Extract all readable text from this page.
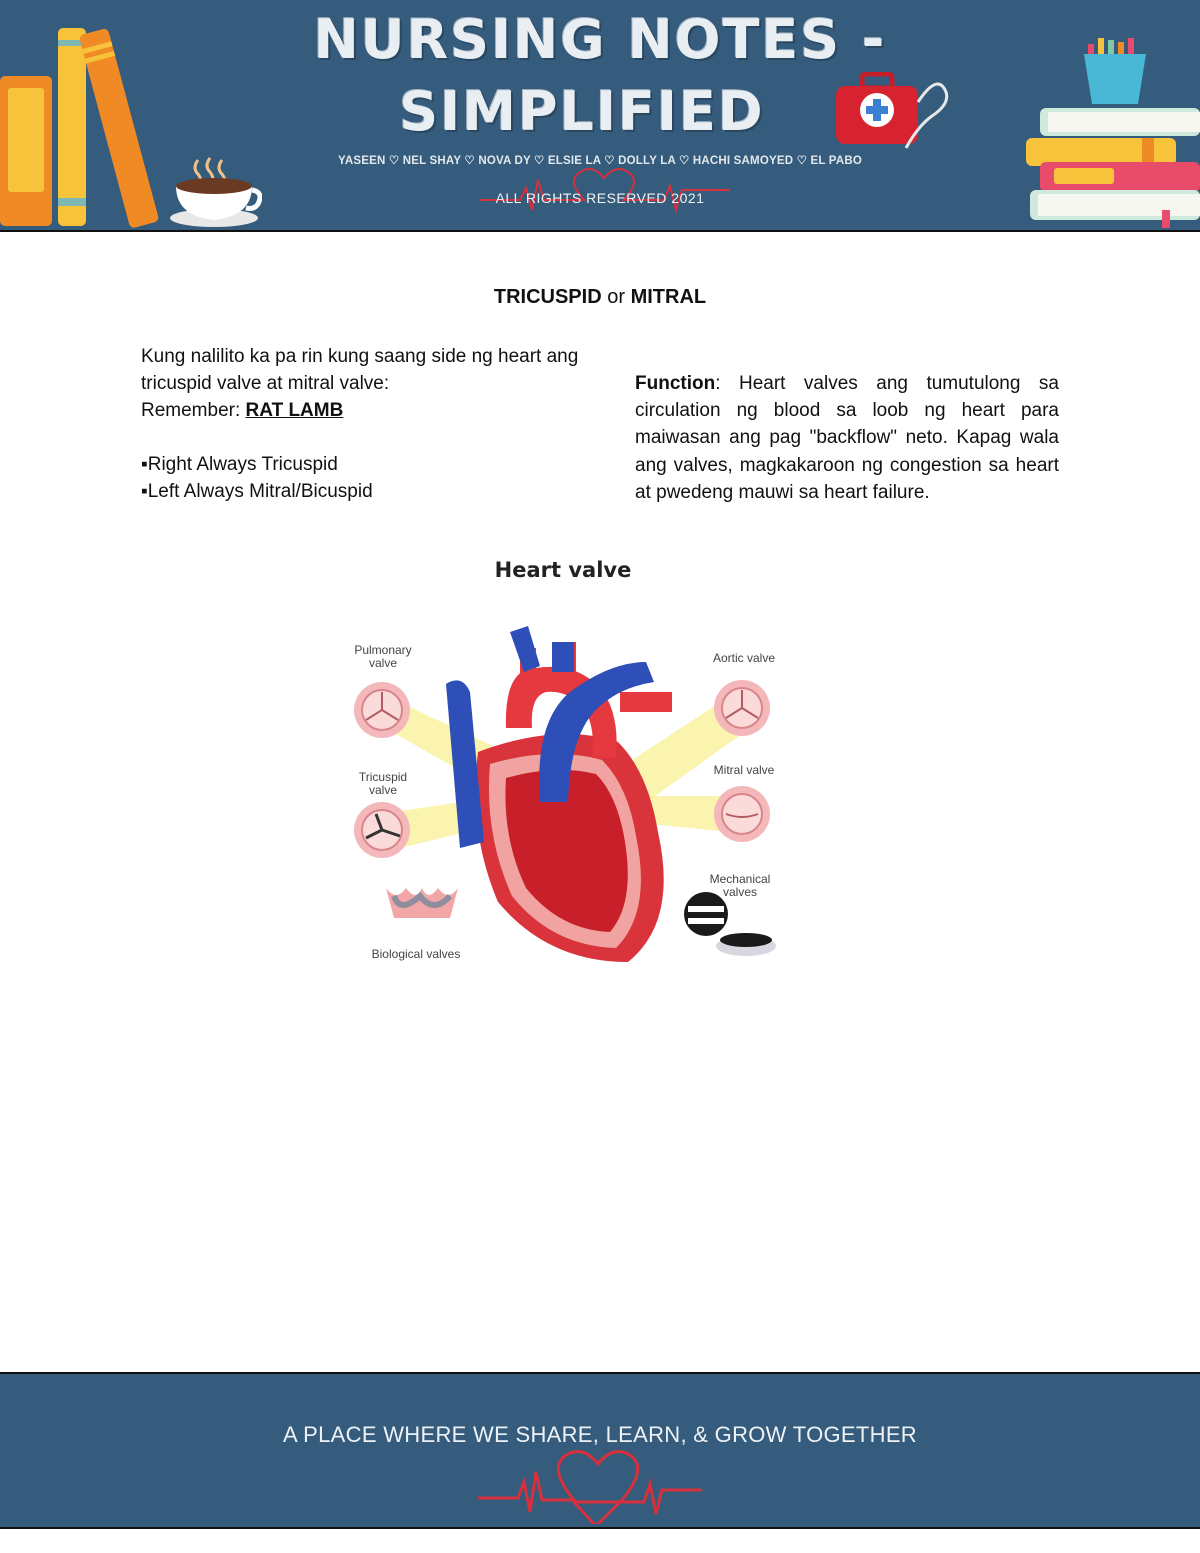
NURSING NOTES -
SIMPLIFIED
YASEEN ♡ NEL SHAY ♡ NOVA DY ♡ ELSIE LA ♡ DOLLY LA ♡ HACHI SAMOYED ♡ EL PABO
ALL RIGHTS RESERVED 2021
TRICUSPID or MITRAL

Kung nalilito ka pa rin kung saang side ng heart ang tricuspid valve at mitral valve:

Remember: RAT LAMB

▪Right Always Tricuspid

▪Left Always Mitral/Bicuspid

Function: Heart valves ang tumutulong sa circulation ng blood sa loob ng heart para maiwasan ang pag "backflow" neto. Kapag wala ang valves, magkakaroon ng congestion sa heart at pwedeng mauwi sa heart failure.
Heart valve
Pulmonary valve	Aortic valve
Tricuspid valve
Mitral valve
Mechanical valves
Biological valves
A PLACE WHERE WE SHARE, LEARN, & GROW TOGETHER
